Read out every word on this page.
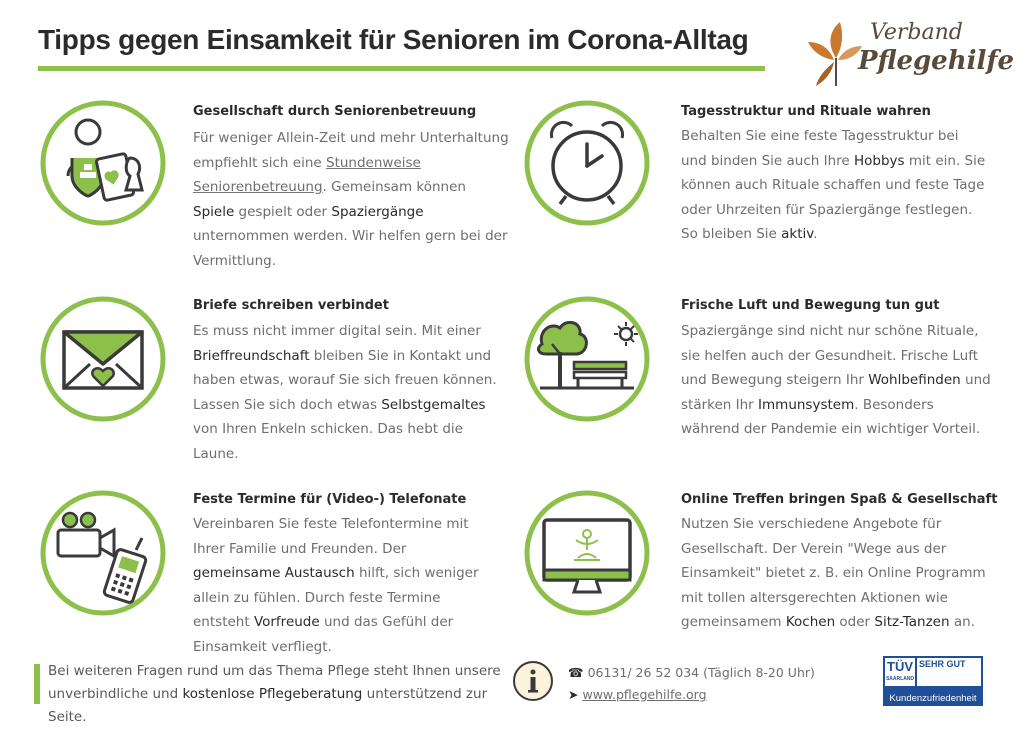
Tipps gegen Einsamkeit für Senioren im Corona-Alltag	Verband
Pflegehilfe
Gesellschaft durch Seniorenbetreuung

Für weniger Allein-Zeit und mehr Unterhaltung empfiehlt sich eine Stundenweise Seniorenbetreuung. Gemeinsam können Spiele gespielt oder Spaziergänge unternommen werden. Wir helfen gern bei der Vermittlung.

Tagesstruktur und Rituale wahren

Behalten Sie eine feste Tagesstruktur bei und binden Sie auch Ihre Hobbys mit ein. Sie können auch Rituale schaffen und feste Tage oder Uhrzeiten für Spaziergänge festlegen. So bleiben Sie aktiv.

Briefe schreiben verbindet

Es muss nicht immer digital sein. Mit einer Brieffreundschaft bleiben Sie in Kontakt und haben etwas, worauf Sie sich freuen können. Lassen Sie sich doch etwas Selbstgemaltes von Ihren Enkeln schicken. Das hebt die Laune.

Frische Luft und Bewegung tun gut

Spaziergänge sind nicht nur schöne Rituale, sie helfen auch der Gesundheit. Frische Luft und Bewegung steigern Ihr Wohlbefinden und stärken Ihr Immunsystem. Besonders während der Pandemie ein wichtiger Vorteil.

Feste Termine für (Video-) Telefonate

Vereinbaren Sie feste Telefontermine mit Ihrer Familie und Freunden. Der gemeinsame Austausch hilft, sich weniger allein zu fühlen. Durch feste Termine entsteht Vorfreude und das Gefühl der Einsamkeit verfliegt.

Online Treffen bringen Spaß & Gesellschaft

Nutzen Sie verschiedene Angebote für Gesellschaft. Der Verein "Wege aus der Einsamkeit" bietet z. B. ein Online Programm mit tollen altersgerechten Aktionen wie gemeinsamem Kochen oder Sitz-Tanzen an.

Bei weiteren Fragen rund um das Thema Pflege steht Ihnen unsere unverbindliche und kostenlose Pflegeberatung unterstützend zur Seite.
☎ 06131/ 26 52 034 (Täglich 8-20 Uhr)
➤ www.pflegehilfe.org
TÜV
SAARLAND
SEHR GUT
Kundenzufriedenheit
